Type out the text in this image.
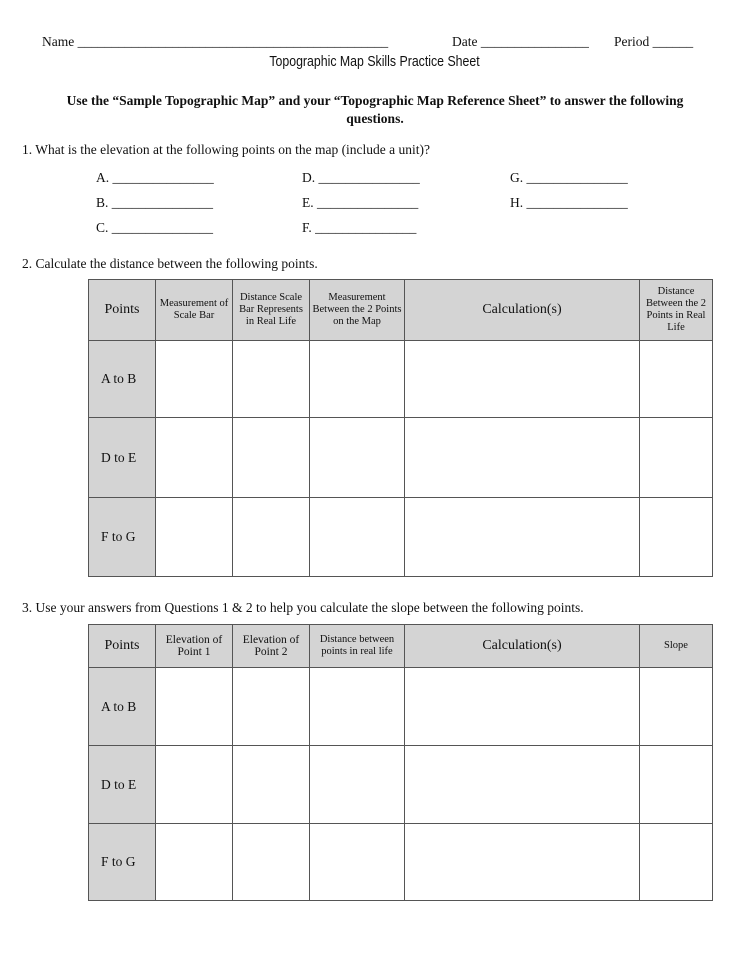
Name ______________________________________________	Date ________________ Period ______
Topographic Map Skills Practice Sheet
Use the “Sample Topographic Map” and your “Topographic Map Reference Sheet” to answer the following questions.
1. What is the elevation at the following points on the map (include a unit)?
A. _______________
B. _______________
C. _______________
D. _______________
E. _______________
F. _______________
G. _______________
H. _______________
2. Calculate the distance between the following points.
Points	Measurement of Scale Bar	Distance Scale Bar Represents in Real Life	Measurement Between the 2 Points on the Map	Calculation(s)	Distance Between the 2 Points in Real Life
A to B					
D to E					
F to G					
3. Use your answers from Questions 1 & 2 to help you calculate the slope between the following points.
Points	Elevation of Point 1	Elevation of Point 2	Distance between points in real life	Calculation(s)	Slope
A to B					
D to E					
F to G					
